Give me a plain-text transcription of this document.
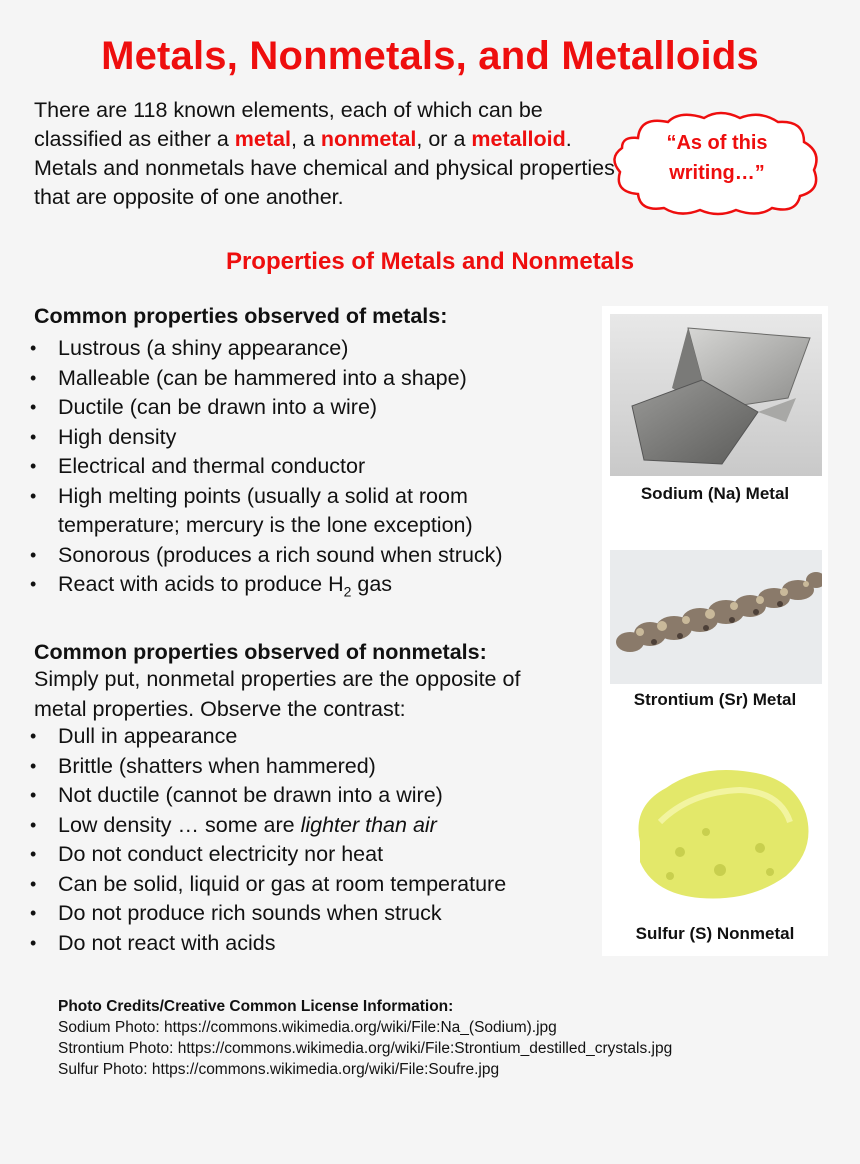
Metals, Nonmetals, and Metalloids
There are 118 known elements, each of which can be classified as either a metal, a nonmetal, or a metalloid. Metals and nonmetals have chemical and physical properties that are opposite of one another.
“As of this
writing…”
Properties of Metals and Nonmetals
Common properties observed of metals:
• Lustrous (a shiny appearance)
• Malleable (can be hammered into a shape)
• Ductile (can be drawn into a wire)
• High density
• Electrical and thermal conductor
• High melting points (usually a solid at room temperature; mercury is the lone exception)
• Sonorous (produces a rich sound when struck)
• React with acids to produce $H_2$ gas
Common properties observed of nonmetals:
Simply put, nonmetal properties are the opposite of metal properties. Observe the contrast:
• Dull in appearance
• Brittle (shatters when hammered)
• Not ductile (cannot be drawn into a wire)
• Low density … some are lighter than air
• Do not conduct electricity nor heat
• Can be solid, liquid or gas at room temperature
• Do not produce rich sounds when struck
• Do not react with acids
Sodium (Na) Metal
Strontium (Sr) Metal
Sulfur (S) Nonmetal
Photo Credits/Creative Common License Information:
Sodium Photo: https://commons.wikimedia.org/wiki/File:Na_(Sodium).jpg
Strontium Photo: https://commons.wikimedia.org/wiki/File:Strontium_destilled_crystals.jpg
Sulfur Photo: https://commons.wikimedia.org/wiki/File:Soufre.jpg
